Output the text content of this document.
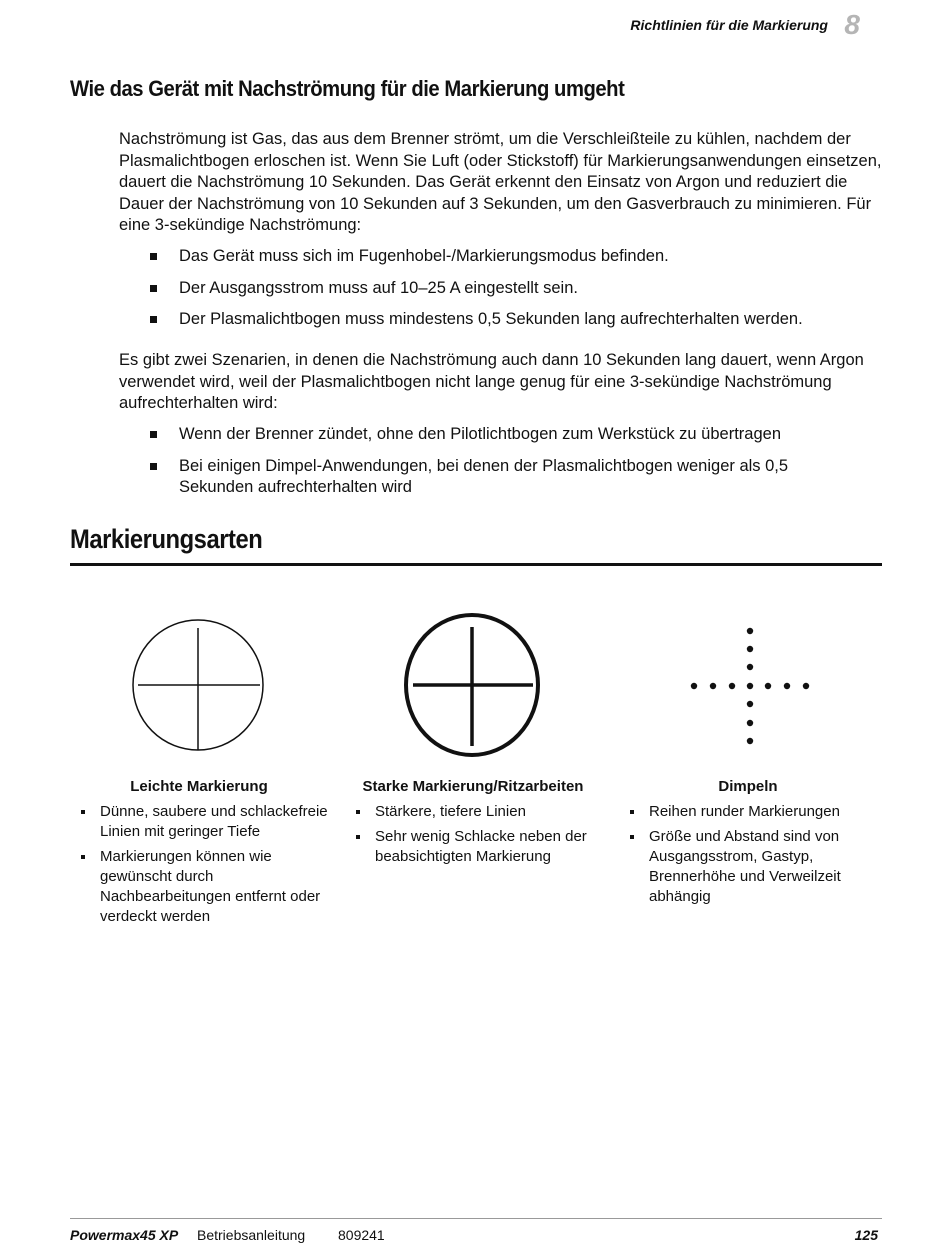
Richtlinien für die Markierung 8
Wie das Gerät mit Nachströmung für die Markierung umgeht

Nachströmung ist Gas, das aus dem Brenner strömt, um die Verschleißteile zu kühlen, nachdem der Plasmalichtbogen erloschen ist. Wenn Sie Luft (oder Stickstoff) für Markierungsanwendungen einsetzen, dauert die Nachströmung 10 Sekunden. Das Gerät erkennt den Einsatz von Argon und reduziert die Dauer der Nachströmung von 10 Sekunden auf 3 Sekunden, um den Gasverbrauch zu minimieren. Für eine 3-sekündige Nachströmung:

Das Gerät muss sich im Fugenhobel-/Markierungsmodus befinden.
Der Ausgangsstrom muss auf 10–25 A eingestellt sein.
Der Plasmalichtbogen muss mindestens 0,5 Sekunden lang aufrechterhalten werden.

Es gibt zwei Szenarien, in denen die Nachströmung auch dann 10 Sekunden lang dauert, wenn Argon verwendet wird, weil der Plasmalichtbogen nicht lange genug für eine 3-sekündige Nachströmung aufrechterhalten wird:

Wenn der Brenner zündet, ohne den Pilotlichtbogen zum Werkstück zu übertragen
Bei einigen Dimpel-Anwendungen, bei denen der Plasmalichtbogen weniger als 0,5 Sekunden aufrechterhalten wird
Markierungsarten
Leichte Markierung
Dünne, saubere und schlackefreie Linien mit geringer Tiefe
Markierungen können wie gewünscht durch Nachbearbeitungen entfernt oder verdeckt werden
Starke Markierung/Ritzarbeiten
Stärkere, tiefere Linien
Sehr wenig Schlacke neben der beabsichtigten Markierung
Dimpeln
Reihen runder Markierungen
Größe und Abstand sind von Ausgangsstrom, Gastyp, Brennerhöhe und Verweilzeit abhängig
Powermax45 XP Betriebsanleitung 809241	125
